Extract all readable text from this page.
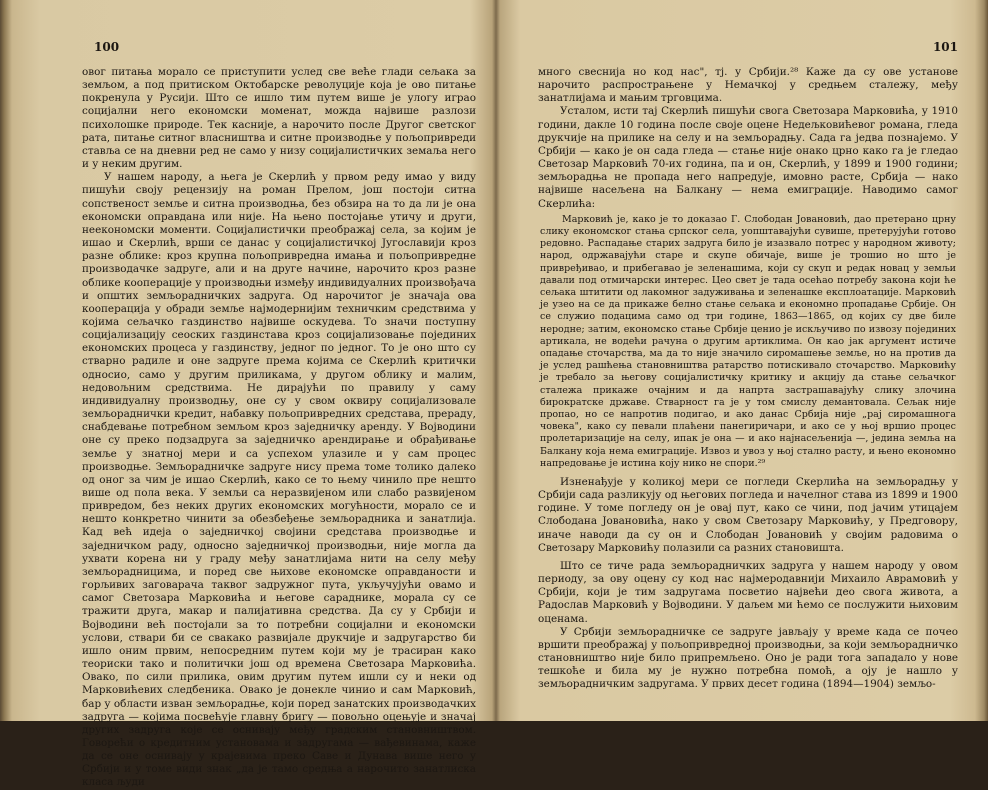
100

овог питања морало се приступити услед све веће глади сељака за земљом, а под притиском Октобарске револуције која је ово питање покренула у Русији. Што се ишло тим путем више је улогу играо социјални него економски моменат, можда највише разлози психолошке природе. Тек касније, а нарочито после Другог светског рата, питање ситног власништва и ситне производње у пољопривреди ставља се на дневни ред не само у низу социјалистичких земаља него и у неким другим.

У нашем народу, а њега је Скерлић у првом реду имао у виду пишући своју рецензију на роман Прелом, још постоји ситна сопственост земље и ситна производња, без обзира на то да ли је она економски оправдана или није. На њено постојање утичу и други, неекономски моменти. Социјалистички преображај села, за којим је ишао и Скерлић, врши се данас у социјалистичкој Југославији кроз разне облике: кроз крупна пољопривредна имања и пољопривредне производачке задруге, али и на друге начине, нарочито кроз разне облике кооперације у производњи између индивидуалних произвођача и општих земљорадничких задруга. Од нарочитог је значаја ова кооперација у обради земље најмодернијим техничким средствима у којима сељачко газдинство највише оскудева. То значи поступну социјализацију сеоских газдинстава кроз социјализовање појединих економских процеса у газдинству, једног по једног. То је оно што су стварно радиле и оне задруге према којима се Скерлић критички односио, само у другим приликама, у другом облику и малим, недовољним средствима. Не дирајући по правилу у саму индивидуалну производњу, оне су у свом оквиру социјализовале земљораднички кредит, набавку пољопривредних средстава, прераду, снабдевање потребном земљом кроз заједничку аренду. У Војводини оне су преко подзадруга за заједничко арендирање и обрађивање земље у знатној мери и са успехом улазиле и у сам процес производње. Земљорадничке задруге нису према томе толико далеко од оног за чим је ишао Скерлић, како се то њему чинило пре нешто више од пола века. У земљи са неразвијеном или слабо развијеном привредом, без неких других економских могућности, морало се и нешто конкретно чинити за обезбеђење земљорадника и занатлија. Кад већ идеја о заједничкој својини средстава производње и заједничком раду, односно заједничкој производњи, није могла да ухвати корена ни у граду међу занатлијама нити на селу међу земљорадницима, и поред све њихове економске оправданости и горљивих заговарача таквог задружног пута, укључујући овамо и самог Светозара Марковића и његове сараднике, морала су се тражити друга, макар и палијативна средства. Да су у Србији и Војводини већ постојали за то потребни социјални и економски услови, ствари би се свакако развијале друкчије и задругарство би ишло оним првим, непосредним путем који му је трасиран како теориски тако и политички још од времена Светозара Марковића. Овако, по сили прилика, овим другим путем ишли су и неки од Марковићевих следбеника. Овако је донекле чинио и сам Марковић, бар у области изван земљорадње, који поред занатских производачких задруга — којима посвећује главну бригу — повољно оцењује и значај других задруга које се оснивају међу градским становништвом. Говорећи о кредитним установама и задругама — вађевинама, каже да се оне оснивају у крајевима преко Саве и Дунава више него у Србији и у томе види знак „да је тамо средња а нарочито занатлиска класа људи

101

много свеснија но код нас", тј. у Србији.²⁸ Каже да су ове установе нарочито распрострањене у Немачкој у средњем сталежу, међу занатлијама и мањим трговцима.

Усталом, исти тај Скерлић пишући свога Светозара Марковића, у 1910 години, дакле 10 година после своје оцене Недељковићевог романа, гледа друкчије на прилике на селу и на земљорадњу. Сада га једва познајемо. У Србији — како је он сада гледа — стање није онако црно како га је гледао Светозар Марковић 70-их година, па и он, Скерлић, у 1899 и 1900 години; земљорадња не пропада него напредује, имовно расте, Србија — нако највише насељена на Балкану — нема емиграције. Наводимо самог Скерлића:

Марковић је, како је то доказао Г. Слободан Јовановић, дао претерано црну слику економског стања српског села, уопштавајући сувише, претерујући готово редовно. Распадање старих задруга било је изазвало потрес у народном животу; народ, одржавајући старе и скупе обичаје, више је трошио но што је привређивао, и прибегавао је зеленашима, који су скуп и редак новац у земљи давали под отмичарски интерес. Цео свет је тада осећао потребу закона који ће сељака штитити од лакомног задуживања и зеленашке експлоатације. Марковић је узео на се да прикаже белно стање сељака и економно пропадање Србије. Он се служио подацима само од три године, 1863—1865, од којих су две биле неродне; затим, економско стање Србије ценио је искључиво по извозу појединих артикала, не водећи рачуна о другим артиклима. Он као јак аргумент истиче опадање сточарства, ма да то није значило сиромашење земље, но на против да је услед рашћења становништва ратарство потискивало сточарство. Марковићу је требало за његову социјалистичку критику и акцију да стање сељачког сталежа прикаже очајним и да напрта застрашавајућу слику злочинa бирократске државе. Стварност га је у том смислу демантовала. Сељак није пропао, но се напротив подигао, и ако данас Србија није „рај сиромашнога човека", како су певали плаћени панегиричари, и ако се у њој вршио процес пролетаризације на селу, ипак је она — и ако најнасељенија —, једина земља на Балкану која нема емиграције. Извоз и увоз у њој стално расту, и њено економно напредовање је истина коју нико не спори.²⁹

Изненађује у коликој мери се погледи Скерлића на земљорадњу у Србији сада разликују од његових погледа и начелног става из 1899 и 1900 године. У томе погледу он је овај пут, како се чини, под јачим утицајем Слободана Јовановића, нако у свом Светозару Марковићу, у Предговору, иначе наводи да су он и Слободан Јовановић у својим радовима о Светозару Марковићу полазили са разних становишта.

Што се тиче рада земљорадничких задруга у нашем народу у овом периоду, за ову оцену су код нас најмеродавнији Михаило Аврамовић у Србији, који је тим задругама посветио највећи део свога живота, а Радослав Марковић у Војводини. У даљем ми ћемо се послужити њиховим оценама.

У Србији земљорадничке се задруге јављају у време када се почео вршити преображај у пољопривредној производњи, за који земљорадничко становништво није било припремљено. Оно је ради тога западало у нове тешкоће и била му је нужно потребна помоћ, а оју је нашло у земљорадничким задругама. У првих десет година (1894—1904) земљо-
